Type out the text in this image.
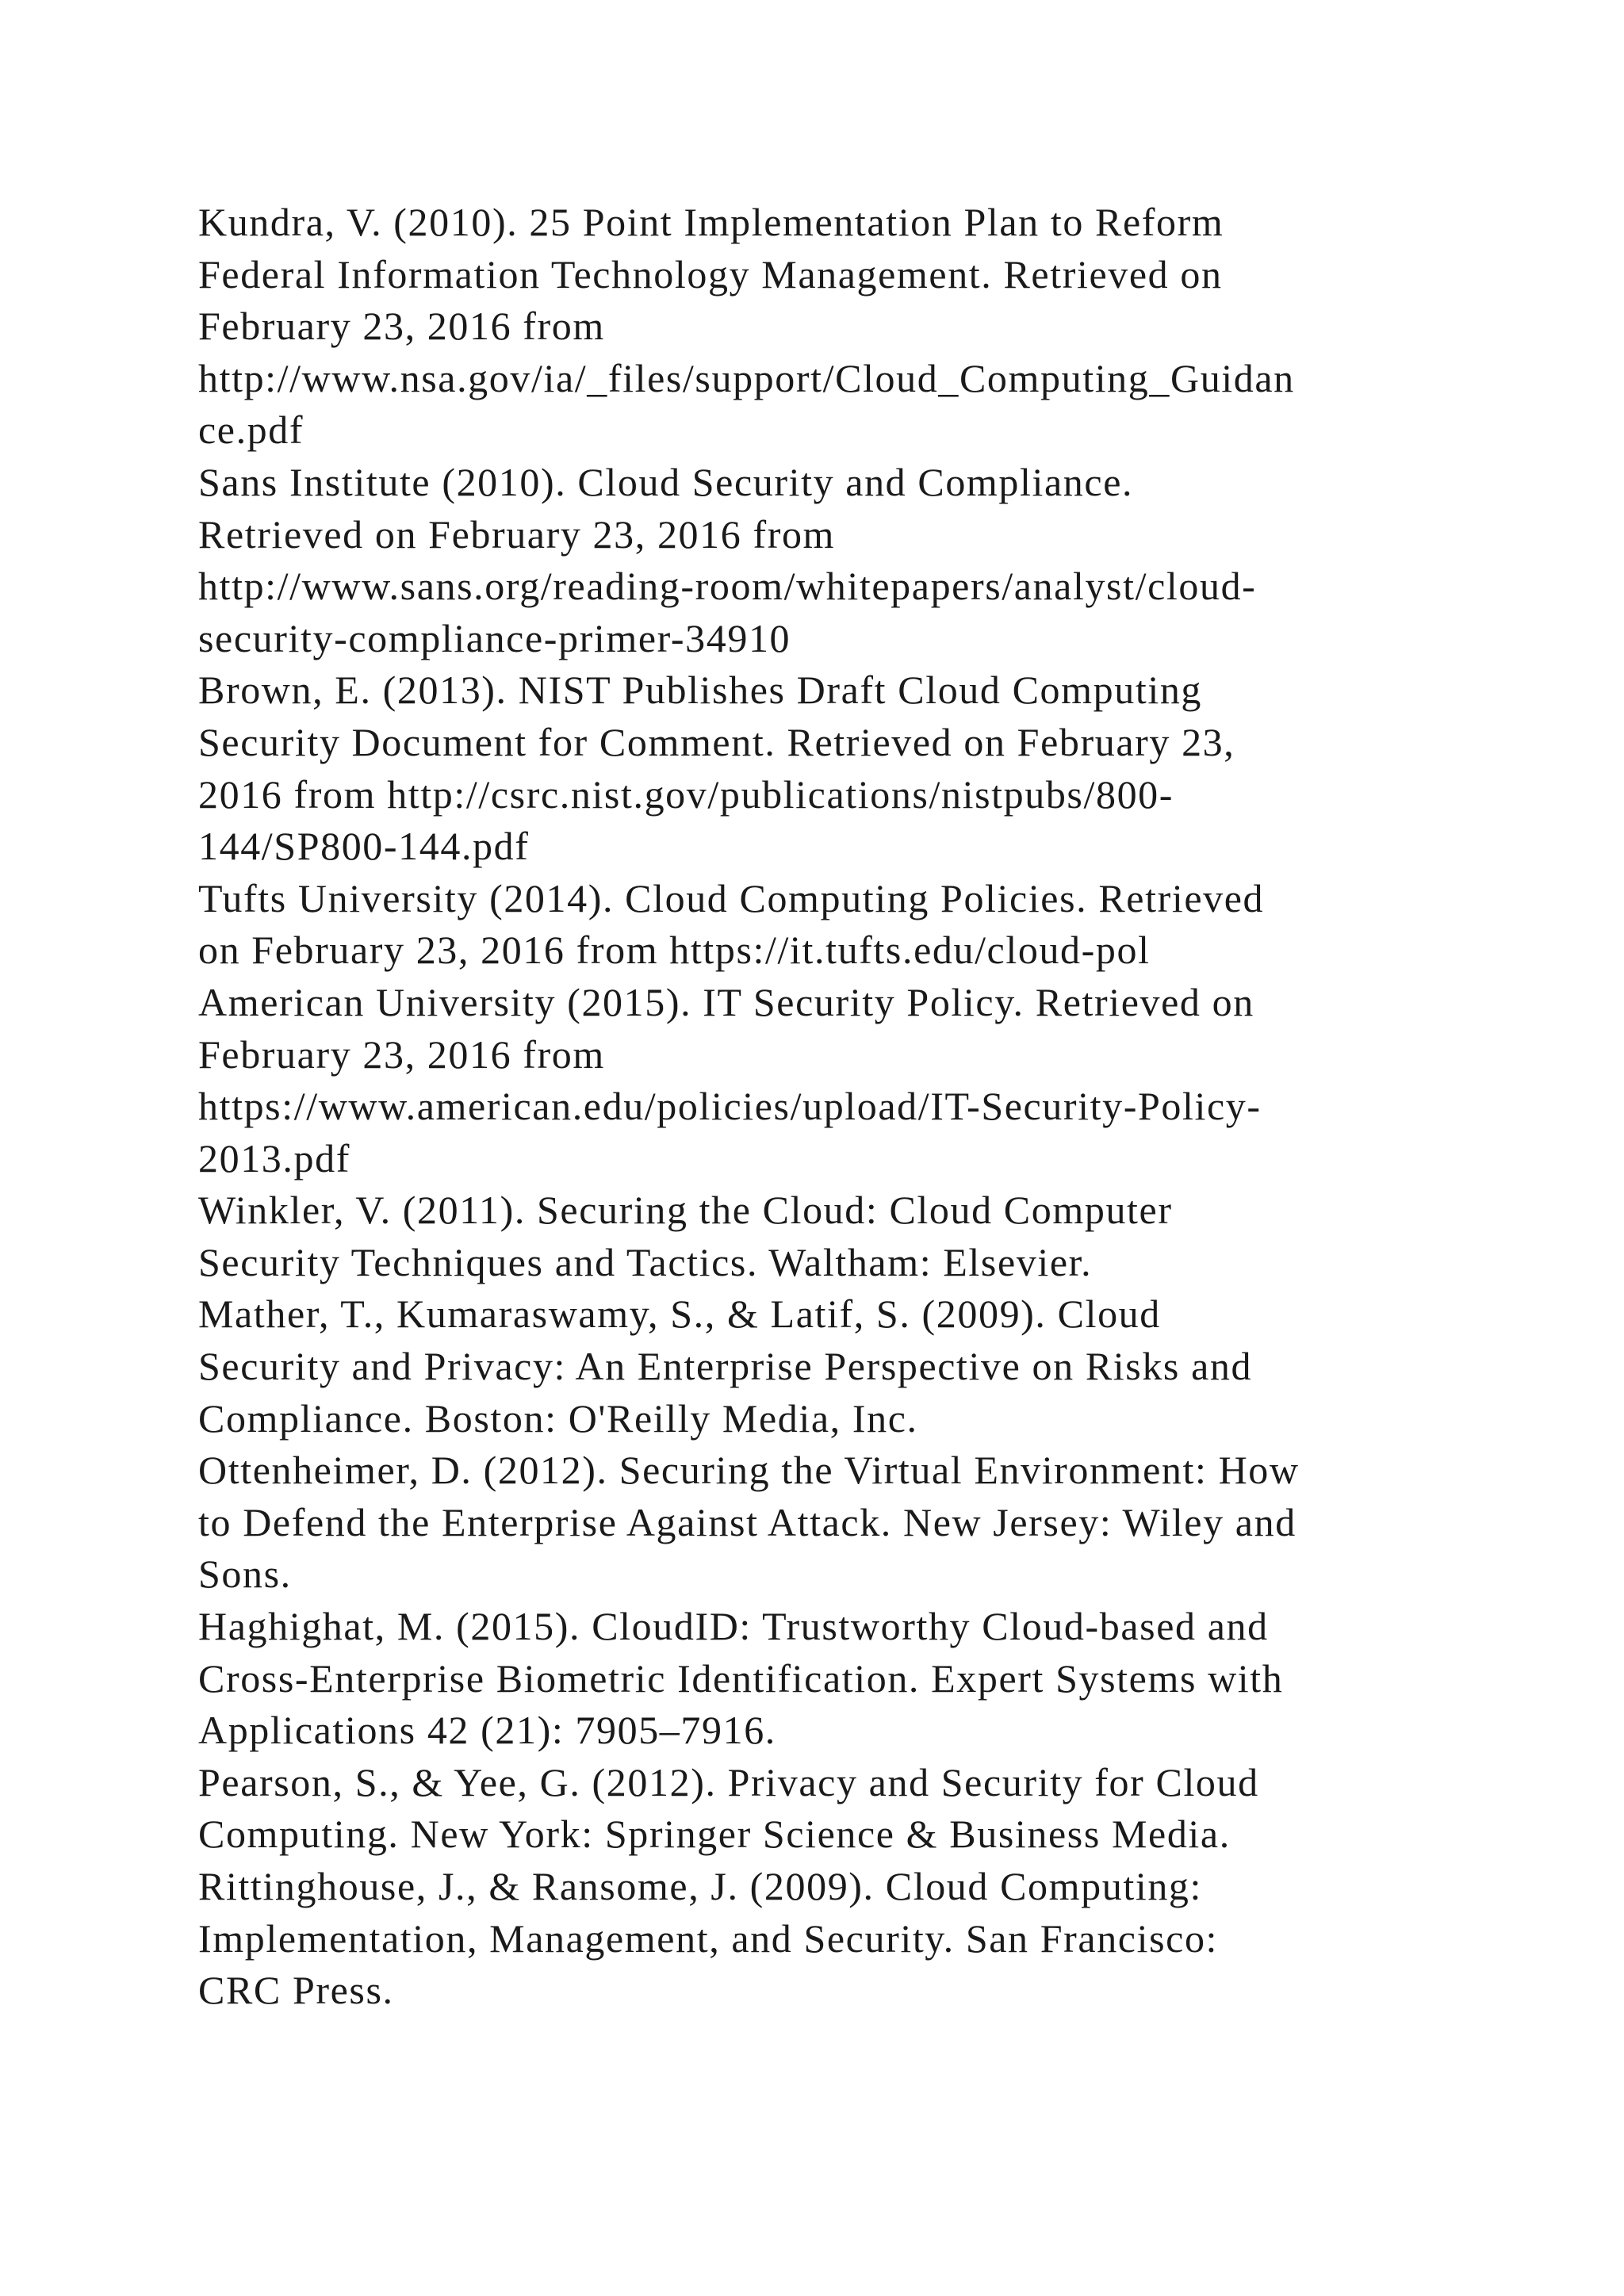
Kundra, V. (2010). 25 Point Implementation Plan to Reform
Federal Information Technology Management. Retrieved on
February 23, 2016 from
http://www.nsa.gov/ia/_files/support/Cloud_Computing_Guidan
ce.pdf
Sans Institute (2010). Cloud Security and Compliance.
Retrieved on February 23, 2016 from
http://www.sans.org/reading-room/whitepapers/analyst/cloud-
security-compliance-primer-34910
Brown, E. (2013). NIST Publishes Draft Cloud Computing
Security Document for Comment. Retrieved on February 23,
2016 from http://csrc.nist.gov/publications/nistpubs/800-
144/SP800-144.pdf
Tufts University (2014). Cloud Computing Policies. Retrieved
on February 23, 2016 from https://it.tufts.edu/cloud-pol
American University (2015). IT Security Policy. Retrieved on
February 23, 2016 from
https://www.american.edu/policies/upload/IT-Security-Policy-
2013.pdf
Winkler, V. (2011). Securing the Cloud: Cloud Computer
Security Techniques and Tactics. Waltham: Elsevier.
Mather, T., Kumaraswamy, S., & Latif, S. (2009). Cloud
Security and Privacy: An Enterprise Perspective on Risks and
Compliance. Boston: O'Reilly Media, Inc.
Ottenheimer, D. (2012). Securing the Virtual Environment: How
to Defend the Enterprise Against Attack. New Jersey: Wiley and
Sons.
Haghighat, M. (2015). CloudID: Trustworthy Cloud-based and
Cross-Enterprise Biometric Identification. Expert Systems with
Applications 42 (21): 7905–7916.
Pearson, S., & Yee, G. (2012). Privacy and Security for Cloud
Computing. New York: Springer Science & Business Media.
Rittinghouse, J., & Ransome, J. (2009). Cloud Computing:
Implementation, Management, and Security. San Francisco:
CRC Press.
